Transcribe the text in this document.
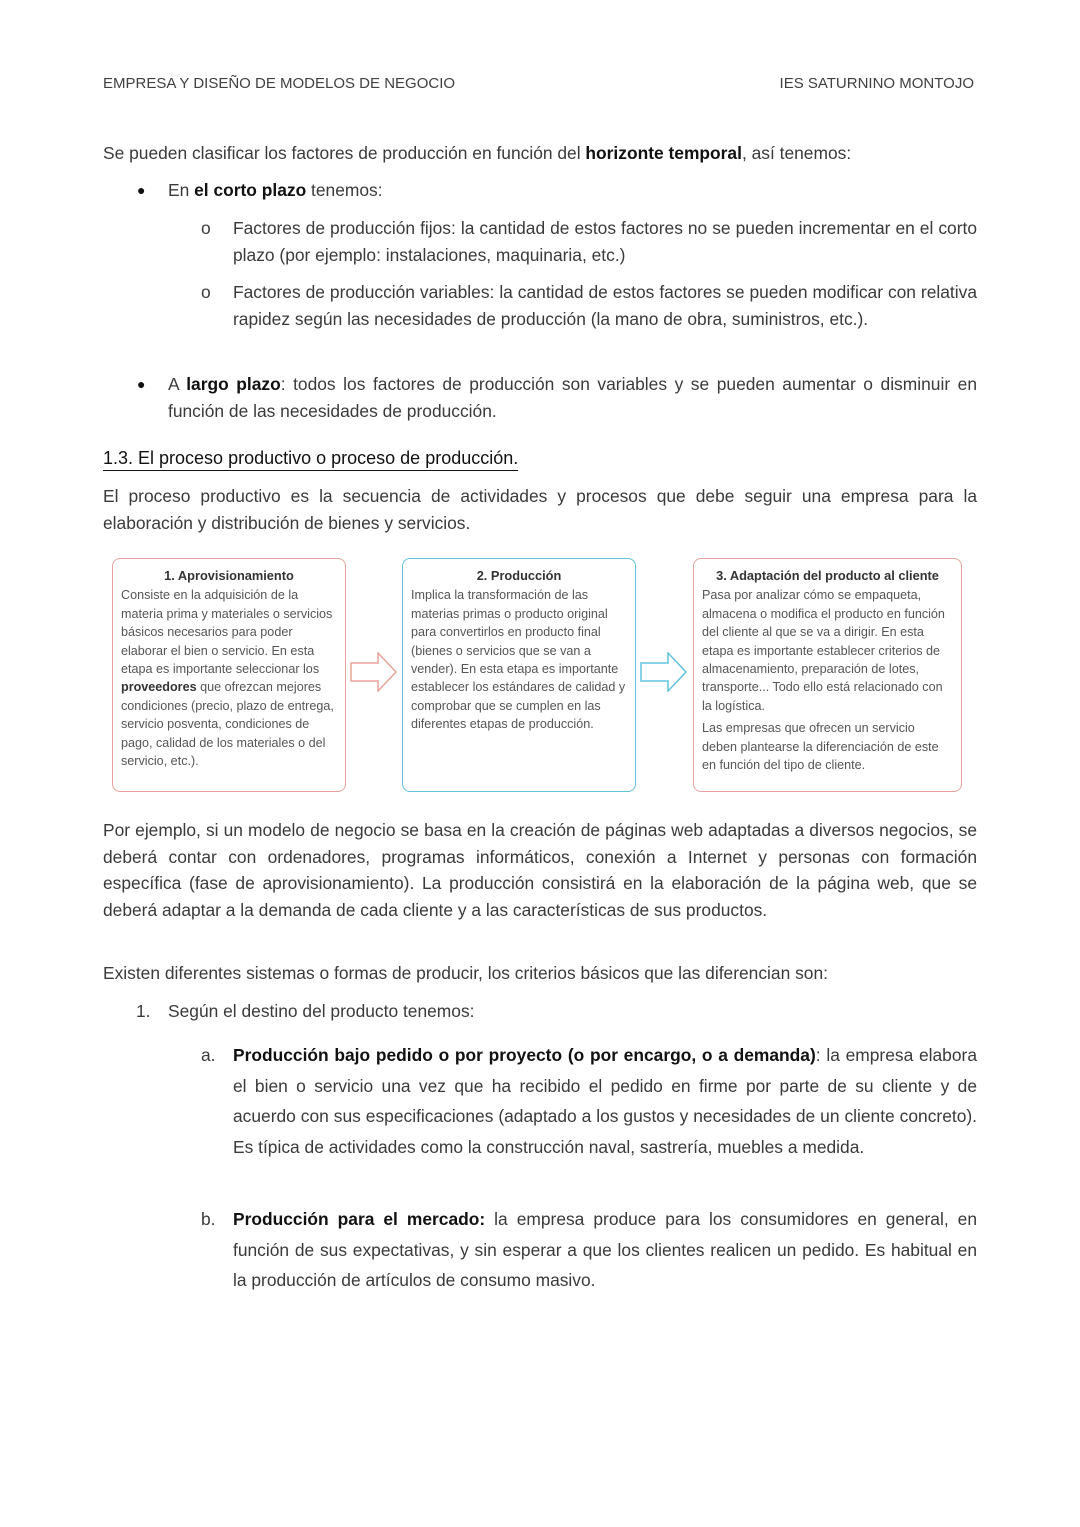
EMPRESA Y DISEÑO DE MODELOS DE NEGOCIO	IES SATURNINO MONTOJO
Se pueden clasificar los factores de producción en función del horizonte temporal, así tenemos:
● En el corto plazo tenemos:
o Factores de producción fijos: la cantidad de estos factores no se pueden incrementar en el corto plazo (por ejemplo: instalaciones, maquinaria, etc.)
o Factores de producción variables: la cantidad de estos factores se pueden modificar con relativa rapidez según las necesidades de producción (la mano de obra, suministros, etc.).
● A largo plazo: todos los factores de producción son variables y se pueden aumentar o disminuir en función de las necesidades de producción.
1.3. El proceso productivo o proceso de producción.
El proceso productivo es la secuencia de actividades y procesos que debe seguir una empresa para la elaboración y distribución de bienes y servicios.
1. Aprovisionamiento

Consiste en la adquisición de la materia prima y materiales o servicios básicos necesarios para poder elaborar el bien o servicio. En esta etapa es importante seleccionar los proveedores que ofrezcan mejores condiciones (precio, plazo de entrega, servicio posventa, condiciones de pago, calidad de los materiales o del servicio, etc.).

2. Producción

Implica la transformación de las materias primas o producto original para convertirlos en producto final (bienes o servicios que se van a vender). En esta etapa es importante establecer los estándares de calidad y comprobar que se cumplen en las diferentes etapas de producción.

3. Adaptación del producto al cliente

Pasa por analizar cómo se empaqueta, almacena o modifica el producto en función del cliente al que se va a dirigir. En esta etapa es importante establecer criterios de almacenamiento, preparación de lotes, transporte... Todo ello está relacionado con la logística.

Las empresas que ofrecen un servicio deben plantearse la diferenciación de este en función del tipo de cliente.

Por ejemplo, si un modelo de negocio se basa en la creación de páginas web adaptadas a diversos negocios, se deberá contar con ordenadores, programas informáticos, conexión a Internet y personas con formación específica (fase de aprovisionamiento). La producción consistirá en la elaboración de la página web, que se deberá adaptar a la demanda de cada cliente y a las características de sus productos.
Existen diferentes sistemas o formas de producir, los criterios básicos que las diferencian son:
1. Según el destino del producto tenemos:
a. Producción bajo pedido o por proyecto (o por encargo, o a demanda): la empresa elabora el bien o servicio una vez que ha recibido el pedido en firme por parte de su cliente y de acuerdo con sus especificaciones (adaptado a los gustos y necesidades de un cliente concreto). Es típica de actividades como la construcción naval, sastrería, muebles a medida.
b. Producción para el mercado: la empresa produce para los consumidores en general, en función de sus expectativas, y sin esperar a que los clientes realicen un pedido. Es habitual en la producción de artículos de consumo masivo.
